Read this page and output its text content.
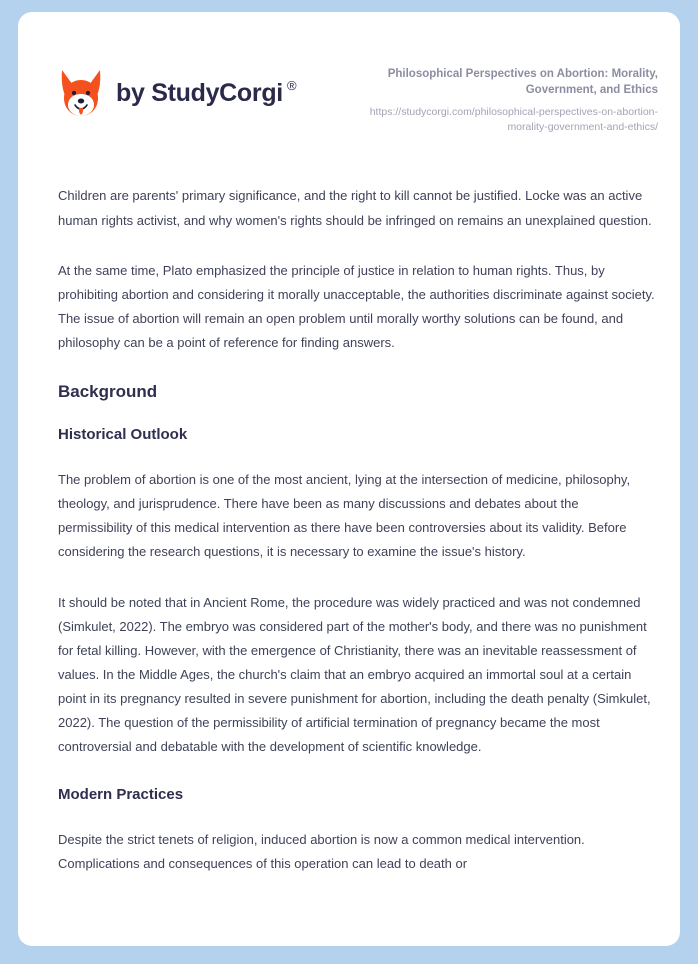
by StudyCorgi ®

Philosophical Perspectives on Abortion: Morality, Government, and Ethics

https://studycorgi.com/philosophical-perspectives-on-abortion-morality-government-and-ethics/

Children are parents' primary significance, and the right to kill cannot be justified. Locke was an active human rights activist, and why women's rights should be infringed on remains an unexplained question.

At the same time, Plato emphasized the principle of justice in relation to human rights. Thus, by prohibiting abortion and considering it morally unacceptable, the authorities discriminate against society. The issue of abortion will remain an open problem until morally worthy solutions can be found, and philosophy can be a point of reference for finding answers.

Background
Historical Outlook

The problem of abortion is one of the most ancient, lying at the intersection of medicine, philosophy, theology, and jurisprudence. There have been as many discussions and debates about the permissibility of this medical intervention as there have been controversies about its validity. Before considering the research questions, it is necessary to examine the issue's history.

It should be noted that in Ancient Rome, the procedure was widely practiced and was not condemned (Simkulet, 2022). The embryo was considered part of the mother's body, and there was no punishment for fetal killing. However, with the emergence of Christianity, there was an inevitable reassessment of values. In the Middle Ages, the church's claim that an embryo acquired an immortal soul at a certain point in its pregnancy resulted in severe punishment for abortion, including the death penalty (Simkulet, 2022). The question of the permissibility of artificial termination of pregnancy became the most controversial and debatable with the development of scientific knowledge.

Modern Practices

Despite the strict tenets of religion, induced abortion is now a common medical intervention. Complications and consequences of this operation can lead to death or
